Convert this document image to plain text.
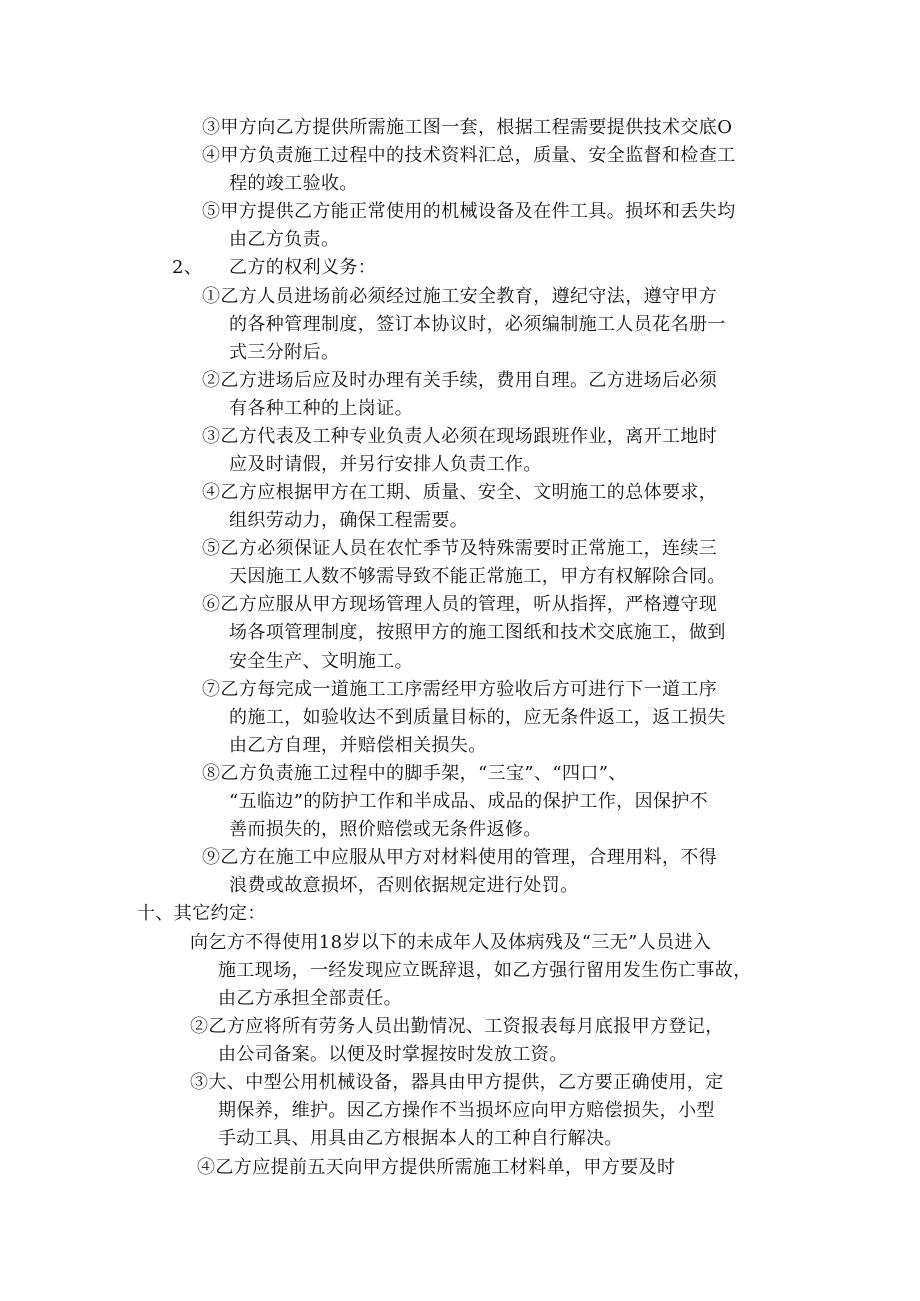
③甲方向乙方提供所需施工图一套，根据工程需要提供技术交底O

④甲方负责施工过程中的技术资料汇总，质量、安全监督和检查工

程的竣工验收。

⑤甲方提供乙方能正常使用的机械设备及在件工具。损坏和丢失均

由乙方负责。

2、 乙方的权利义务：

①乙方人员进场前必须经过施工安全教育，遵纪守法，遵守甲方

的各种管理制度，签订本协议时，必须编制施工人员花名册一

式三分附后。

②乙方进场后应及时办理有关手续，费用自理。乙方进场后必须

有各种工种的上岗证。

③乙方代表及工种专业负责人必须在现场跟班作业，离开工地时

应及时请假，并另行安排人负责工作。

④乙方应根据甲方在工期、质量、安全、文明施工的总体要求，

组织劳动力，确保工程需要。

⑤乙方必须保证人员在农忙季节及特殊需要时正常施工，连续三

天因施工人数不够需导致不能正常施工，甲方有权解除合同。

⑥乙方应服从甲方现场管理人员的管理，听从指挥，严格遵守现

场各项管理制度，按照甲方的施工图纸和技术交底施工，做到

安全生产、文明施工。

⑦乙方每完成一道施工工序需经甲方验收后方可进行下一道工序

的施工，如验收达不到质量目标的，应无条件返工，返工损失

由乙方自理，并赔偿相关损失。

⑧乙方负责施工过程中的脚手架，“三宝”、“四口”、

“五临边”的防护工作和半成品、成品的保护工作，因保护不

善而损失的，照价赔偿或无条件返修。

⑨乙方在施工中应服从甲方对材料使用的管理，合理用料，不得

浪费或故意损坏，否则依据规定进行处罚。

十、其它约定：

向乞方不得使用18岁以下的未成年人及体病残及“三无”人员进入

施工现场，一经发现应立既辞退，如乙方强行留用发生伤亡事故，

由乙方承担全部责任。

②乙方应将所有劳务人员出勤情况、工资报表每月底报甲方登记，

由公司备案。以便及时掌握按时发放工资。

③大、中型公用机械设备，器具由甲方提供，乙方要正确使用，定

期保养，维护。因乙方操作不当损坏应向甲方赔偿损失，小型

手动工具、用具由乙方根据本人的工种自行解决。

④乙方应提前五天向甲方提供所需施工材料单，甲方要及时
